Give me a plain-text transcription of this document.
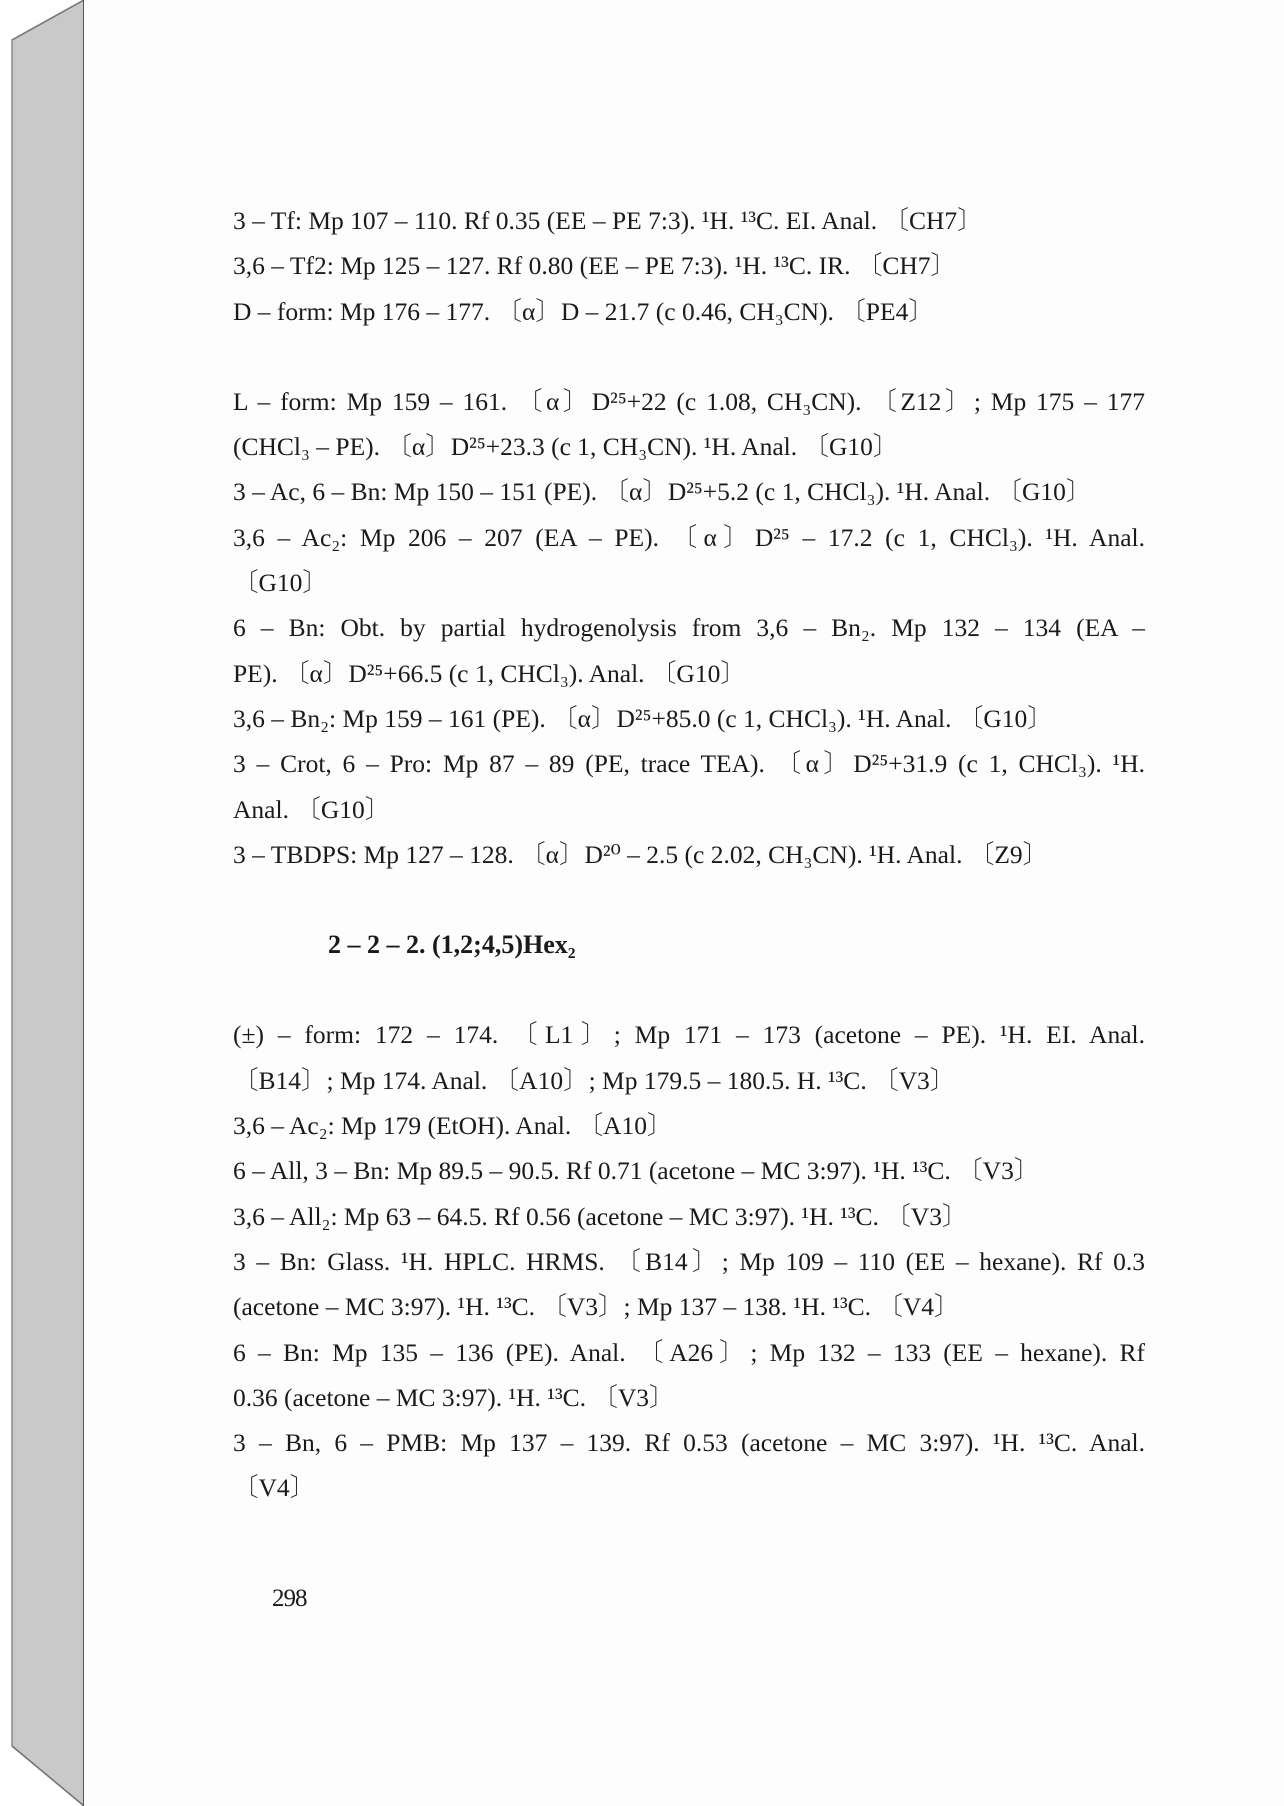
3 – Tf: Mp 107 – 110. Rf 0.35 (EE – PE 7:3). ¹H. ¹³C. EI. Anal. 〔CH7〕
3,6 – Tf2: Mp 125 – 127. Rf 0.80 (EE – PE 7:3). ¹H. ¹³C. IR. 〔CH7〕
D – form: Mp 176 – 177. 〔α〕D – 21.7 (c 0.46, CH₃CN). 〔PE4〕
L – form: Mp 159 – 161. 〔α〕D²⁵+22 (c 1.08, CH₃CN). 〔Z12〕; Mp 175 – 177
(CHCl₃ – PE). 〔α〕D²⁵+23.3 (c 1, CH₃CN). ¹H. Anal. 〔G10〕
3 – Ac, 6 – Bn: Mp 150 – 151 (PE). 〔α〕D²⁵+5.2 (c 1, CHCl₃). ¹H. Anal. 〔G10〕
3,6 – Ac₂: Mp 206 – 207 (EA – PE). 〔α〕D²⁵ – 17.2 (c 1, CHCl₃). ¹H. Anal.
〔G10〕
6 – Bn: Obt. by partial hydrogenolysis from 3,6 – Bn₂. Mp 132 – 134 (EA –
PE). 〔α〕D²⁵+66.5 (c 1, CHCl₃). Anal. 〔G10〕
3,6 – Bn₂: Mp 159 – 161 (PE). 〔α〕D²⁵+85.0 (c 1, CHCl₃). ¹H. Anal. 〔G10〕
3 – Crot, 6 – Pro: Mp 87 – 89 (PE, trace TEA). 〔α〕D²⁵+31.9 (c 1, CHCl₃). ¹H.
Anal. 〔G10〕
3 – TBDPS: Mp 127 – 128. 〔α〕D²⁰ – 2.5 (c 2.02, CH₃CN). ¹H. Anal. 〔Z9〕
2 – 2 – 2. (1,2;4,5)Hex₂
(±) – form: 172 – 174. 〔L1〕; Mp 171 – 173 (acetone – PE). ¹H. EI. Anal.
〔B14〕; Mp 174. Anal. 〔A10〕; Mp 179.5 – 180.5. H. ¹³C. 〔V3〕
3,6 – Ac₂: Mp 179 (EtOH). Anal. 〔A10〕
6 – All, 3 – Bn: Mp 89.5 – 90.5. Rf 0.71 (acetone – MC 3:97). ¹H. ¹³C. 〔V3〕
3,6 – All₂: Mp 63 – 64.5. Rf 0.56 (acetone – MC 3:97). ¹H. ¹³C. 〔V3〕
3 – Bn: Glass. ¹H. HPLC. HRMS. 〔B14〕; Mp 109 – 110 (EE – hexane). Rf 0.3
(acetone – MC 3:97). ¹H. ¹³C. 〔V3〕; Mp 137 – 138. ¹H. ¹³C. 〔V4〕
6 – Bn: Mp 135 – 136 (PE). Anal. 〔A26〕; Mp 132 – 133 (EE – hexane). Rf
0.36 (acetone – MC 3:97). ¹H. ¹³C. 〔V3〕
3 – Bn, 6 – PMB: Mp 137 – 139. Rf 0.53 (acetone – MC 3:97). ¹H. ¹³C. Anal.
〔V4〕
298
